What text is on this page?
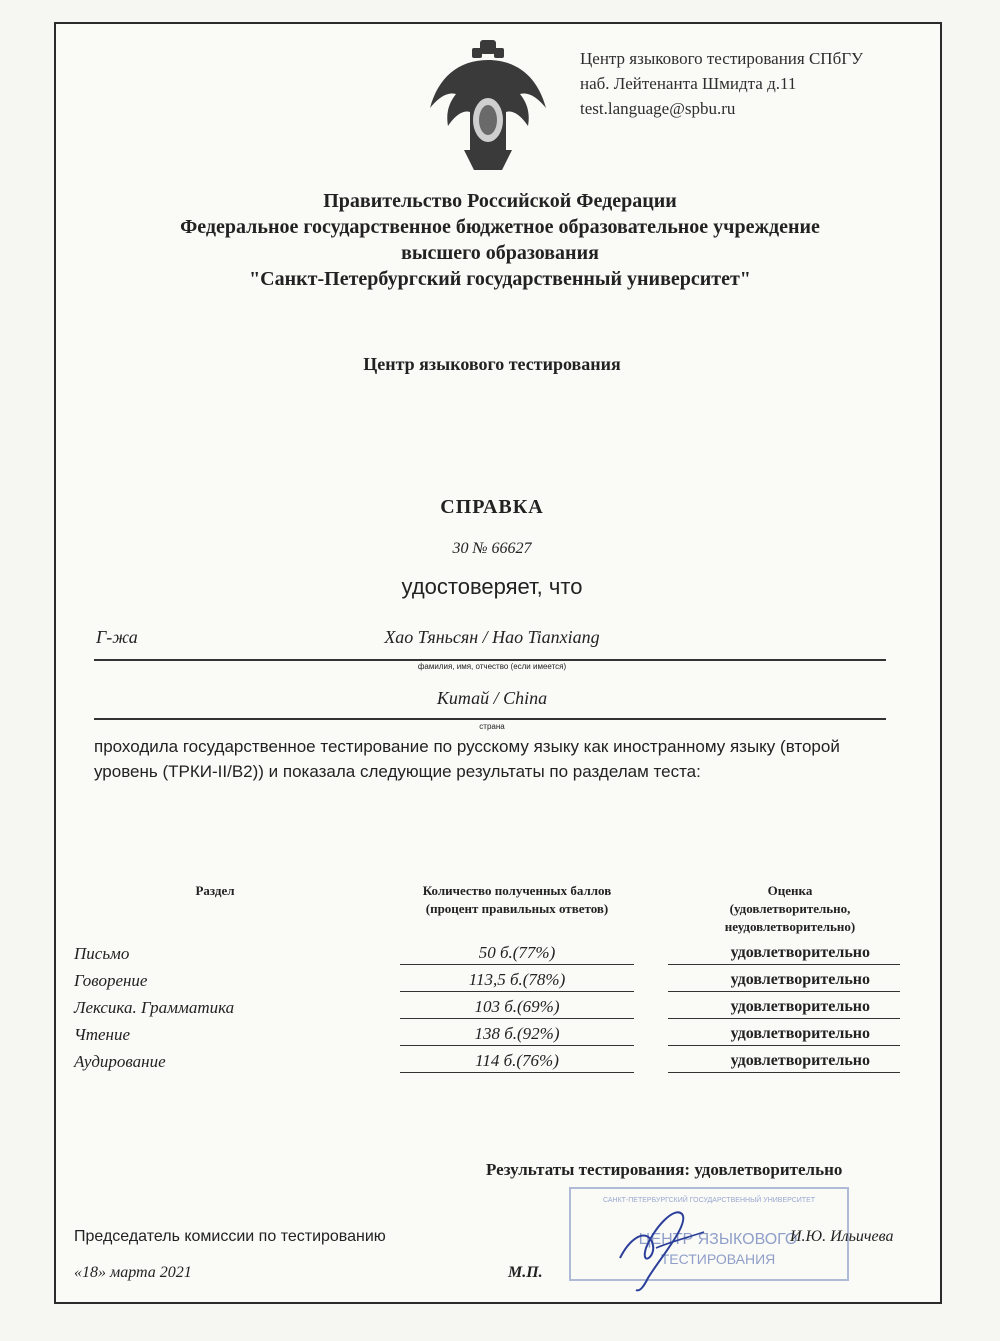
Центр языкового тестирования СПбГУ
наб. Лейтенанта Шмидта д.11
test.language@spbu.ru
Правительство Российской Федерации
Федеральное государственное бюджетное образовательное учреждение
высшего образования
"Санкт-Петербургский государственный университет"
Центр языкового тестирования
СПРАВКА
30 № 66627
удостоверяет, что
Г-жа	Хао Тяньсян / Hao Tianxiang
фамилия, имя, отчество (если имеется)
Китай / China
страна
проходила государственное тестирование по русскому языку как иностранному языку (второй
уровень (ТРКИ-II/B2)) и показала следующие результаты по разделам теста:
Раздел	Количество полученных баллов
(процент правильных ответов)
Оценка
(удовлетворительно,
неудовлетворительно)
Письмо	50 б.(77%)	удовлетворительно
Говорение	113,5 б.(78%)	удовлетворительно
Лексика. Грамматика	103 б.(69%)	удовлетворительно
Чтение	138 б.(92%)	удовлетворительно
Аудирование	114 б.(76%)	удовлетворительно
Результаты тестирования: удовлетворительно
САНКТ-ПЕТЕРБУРГСКИЙ ГОСУДАРСТВЕННЫЙ УНИВЕРСИТЕТ
ЦЕНТР ЯЗЫКОВОГО
ТЕСТИРОВАНИЯ
Председатель комиссии по тестированию	И.Ю. Ильичева
«18» марта 2021	М.П.
